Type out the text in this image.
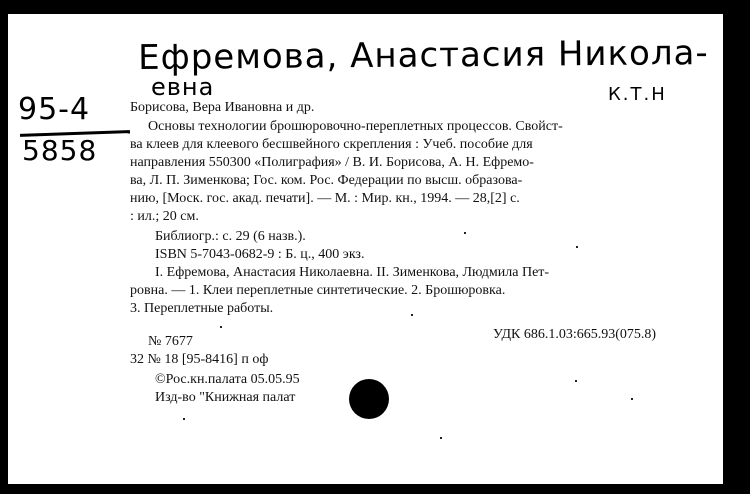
Ефремова, Анастасия Никола-
евна	К.Т.Н
95-4
5858
Борисова, Вера Ивановна и др.
Основы технологии брошюровочно-переплетных процессов. Свойст-
ва клеев для клеевого бесшвейного скрепления : Учеб. пособие для
направления 550300 «Полиграфия» / В. И. Борисова, А. Н. Ефремо-
ва, Л. П. Зименкова; Гос. ком. Рос. Федерации по высш. образова-
нию, [Моск. гос. акад. печати]. — М. : Мир. кн., 1994. — 28,[2] с.
: ил.; 20 см.
Библиогр.: с. 29 (6 назв.).
ISBN 5-7043-0682-9 : Б. ц., 400 экз.
I. Ефремова, Анастасия Николаевна. II. Зименкова, Людмила Пет-
ровна. — 1. Клеи переплетные синтетические. 2. Брошюровка.
3. Переплетные работы.
№ 7677	УДК 686.1.03:665.93(075.8)
32 № 18 [95-8416] п оф
©Рос.кн.палата 05.05.95
Изд-во "Книжная палат
